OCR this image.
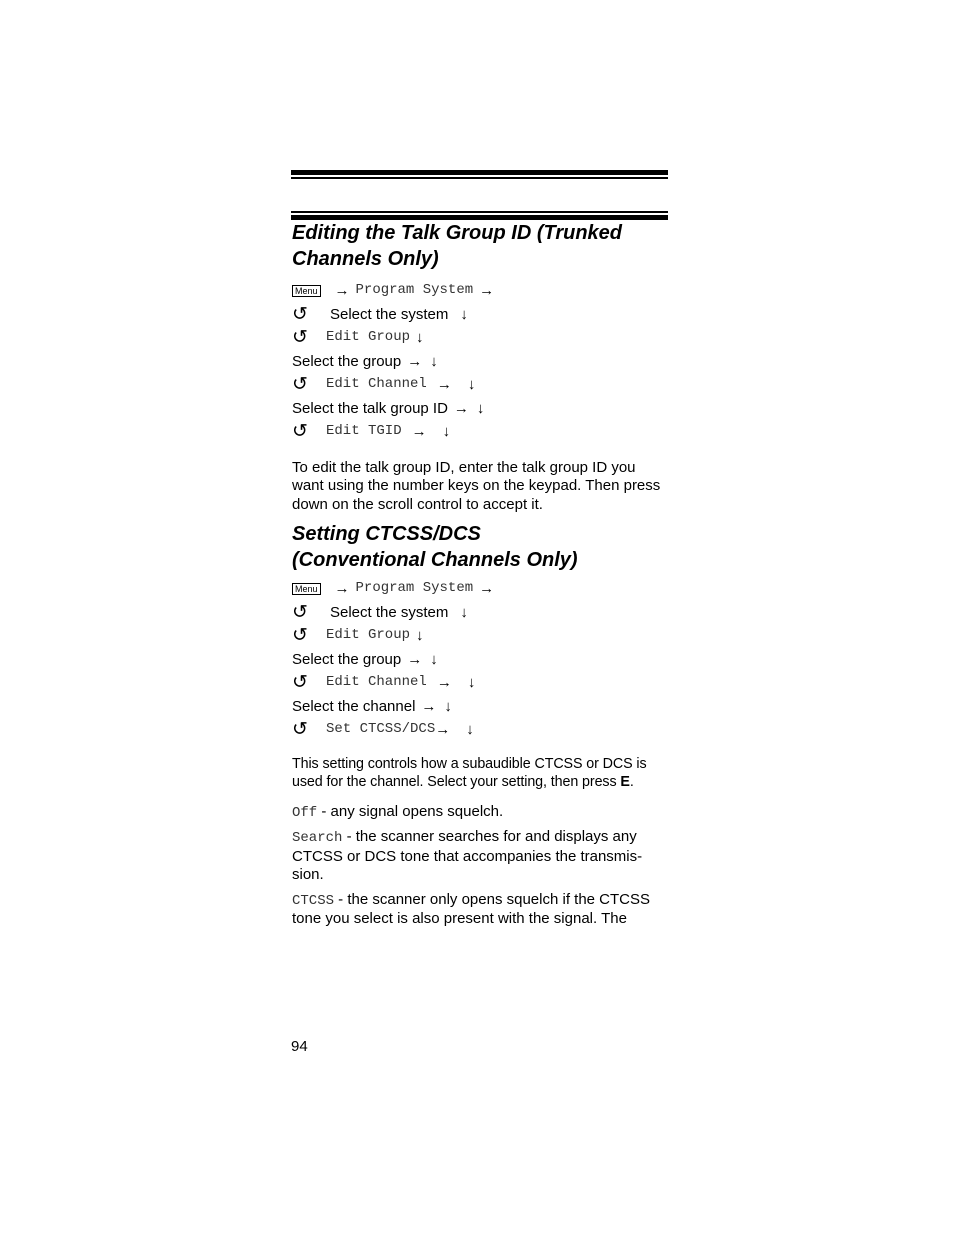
Editing the Talk Group ID (Trunked
Channels Only)
Menu → Program System →
↺	Select the system ↓
↺	Edit Group ↓
Select the group → ↓
↺	Edit Channel → ↓
Select the talk group ID → ↓
↺	Edit TGID → ↓

To edit the talk group ID, enter the talk group ID you want using the number keys on the keypad. Then press down on the scroll control to accept it.

Setting CTCSS/DCS
(Conventional Channels Only)
Menu → Program System →
↺	Select the system ↓
↺	Edit Group ↓
Select the group → ↓
↺	Edit Channel → ↓
Select the channel → ↓
↺	Set CTCSS/DCS → ↓

This setting controls how a subaudible CTCSS or DCS is used for the channel. Select your setting, then press E.

Off - any signal opens squelch.

Search - the scanner searches for and displays any CTCSS or DCS tone that accompanies the transmis-sion.

CTCSS - the scanner only opens squelch if the CTCSS tone you select is also present with the signal. The

94
